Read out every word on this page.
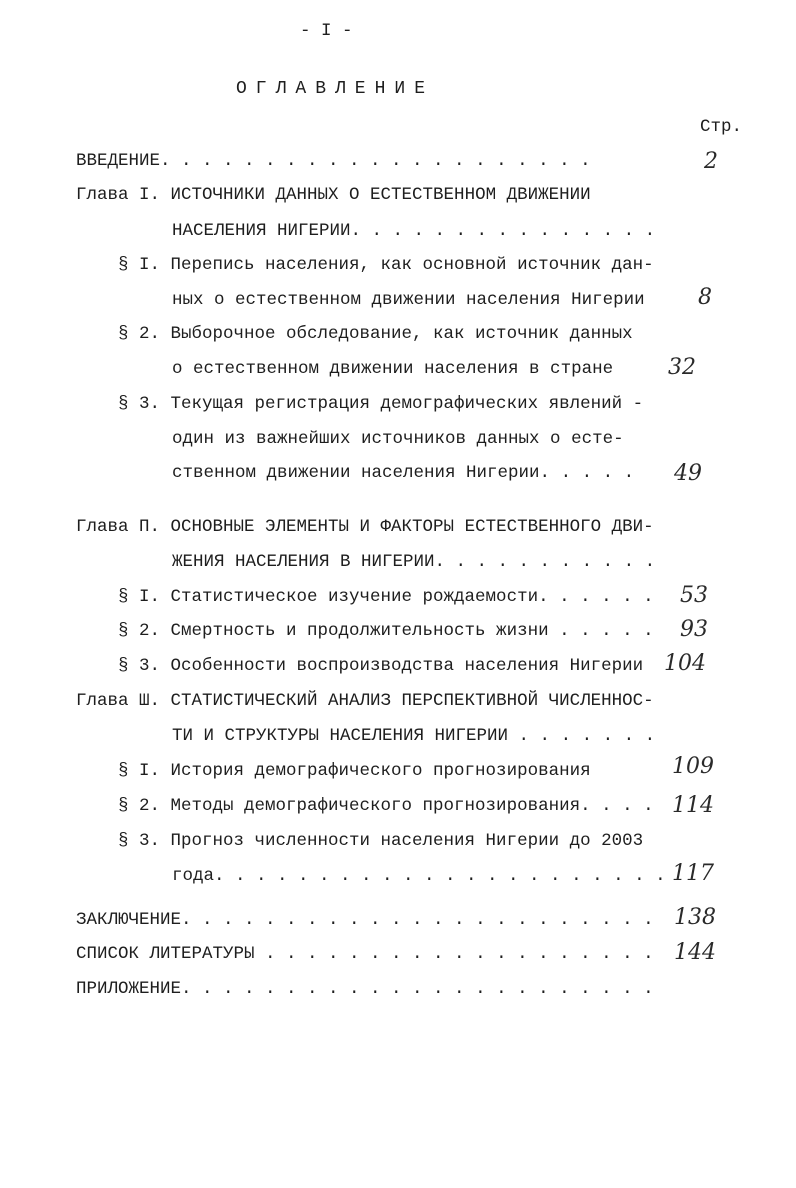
- I -
ОГЛАВЛЕНИЕ
Стр.
ВВЕДЕНИЕ. . . . . . . . . . . . . . . . . . . . .	2
Глава I. ИСТОЧНИКИ ДАННЫХ О ЕСТЕСТВЕННОМ ДВИЖЕНИИ
НАСЕЛЕНИЯ НИГЕРИИ. . . . . . . . . . . . . . .
§ I. Перепись населения, как основной источник дан-
ных о естественном движении населения Нигерии 8
§ 2. Выборочное обследование, как источник данных
о естественном движении населения в стране 32
§ 3. Текущая регистрация демографических явлений -
один из важнейших источников данных о есте-
ственном движении населения Нигерии. . . . . 49
Глава П. ОСНОВНЫЕ ЭЛЕМЕНТЫ И ФАКТОРЫ ЕСТЕСТВЕННОГО ДВИ-
ЖЕНИЯ НАСЕЛЕНИЯ В НИГЕРИИ. . . . . . . . . . .
§ I. Статистическое изучение рождаемости. . . . . . 53
§ 2. Смертность и продолжительность жизни . . . . . 93
§ 3. Особенности воспроизводства населения Нигерии 104
Глава Ш. СТАТИСТИЧЕСКИЙ АНАЛИЗ ПЕРСПЕКТИВНОЙ ЧИСЛЕННОС-
ТИ И СТРУКТУРЫ НАСЕЛЕНИЯ НИГЕРИИ . . . . . . .
§ I. История демографического прогнозирования	109
§ 2. Методы демографического прогнозирования. . . . 114
§ 3. Прогноз численности населения Нигерии до 2003
года. . . . . . . . . . . . . . . . . . . . . . 117
ЗАКЛЮЧЕНИЕ. . . . . . . . . . . . . . . . . . . . . . . 138
СПИСОК ЛИТЕРАТУРЫ . . . . . . . . . . . . . . . . . . . 144
ПРИЛОЖЕНИЕ. . . . . . . . . . . . . . . . . . . . . . .
